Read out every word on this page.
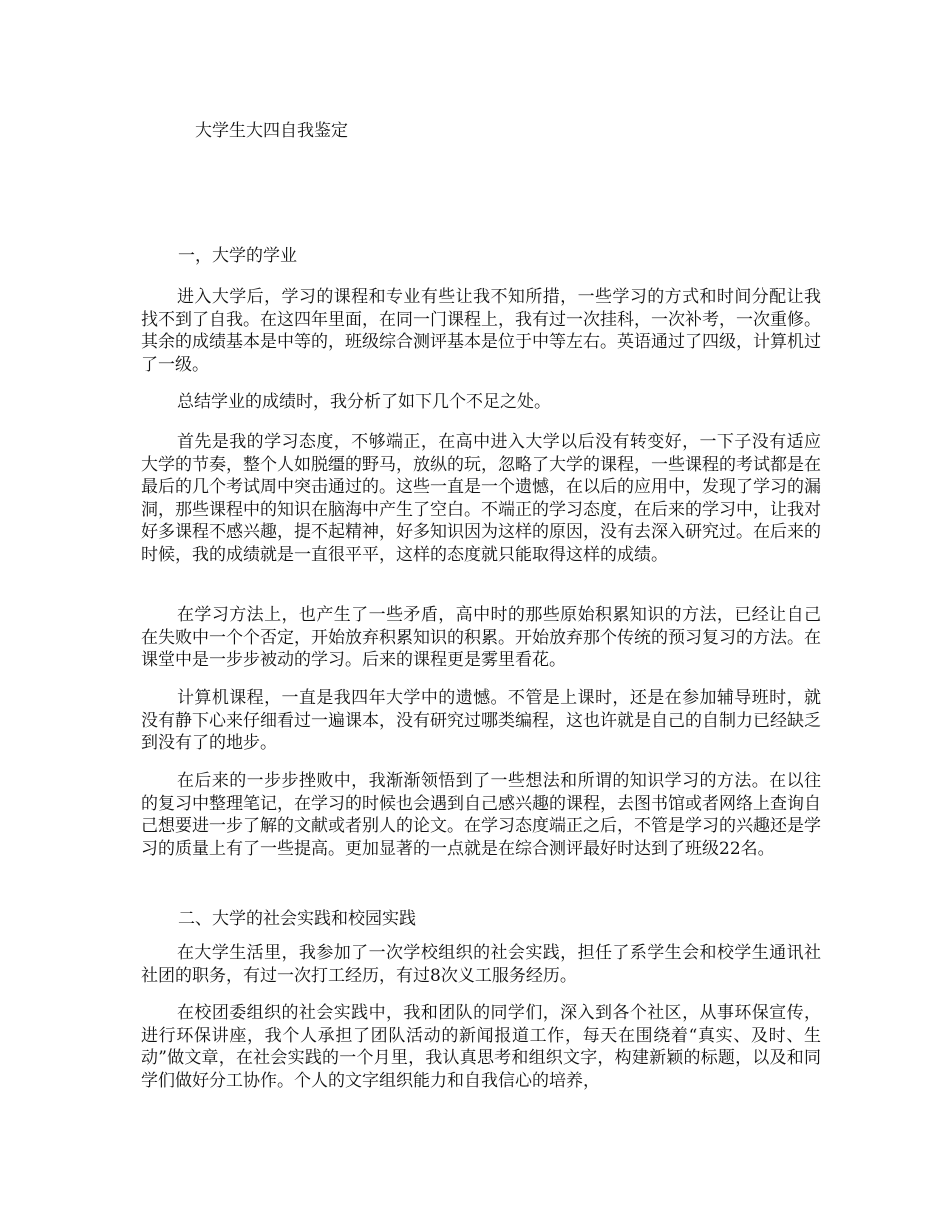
大学生大四自我鉴定
一，大学的学业

进入大学后，学习的课程和专业有些让我不知所措，一些学习的方式和时间分配让我找不到了自我。在这四年里面，在同一门课程上，我有过一次挂科，一次补考，一次重修。其余的成绩基本是中等的，班级综合测评基本是位于中等左右。英语通过了四级，计算机过了一级。

总结学业的成绩时，我分析了如下几个不足之处。

首先是我的学习态度，不够端正，在高中进入大学以后没有转变好，一下子没有适应大学的节奏，整个人如脱缰的野马，放纵的玩，忽略了大学的课程，一些课程的考试都是在最后的几个考试周中突击通过的。这些一直是一个遗憾，在以后的应用中，发现了学习的漏洞，那些课程中的知识在脑海中产生了空白。不端正的学习态度，在后来的学习中，让我对好多课程不感兴趣，提不起精神，好多知识因为这样的原因，没有去深入研究过。在后来的时候，我的成绩就是一直很平平，这样的态度就只能取得这样的成绩。

在学习方法上，也产生了一些矛盾，高中时的那些原始积累知识的方法，已经让自己在失败中一个个否定，开始放弃积累知识的积累。开始放弃那个传统的预习复习的方法。在课堂中是一步步被动的学习。后来的课程更是雾里看花。

计算机课程，一直是我四年大学中的遗憾。不管是上课时，还是在参加辅导班时，就没有静下心来仔细看过一遍课本，没有研究过哪类编程，这也许就是自己的自制力已经缺乏到没有了的地步。

在后来的一步步挫败中，我渐渐领悟到了一些想法和所谓的知识学习的方法。在以往的复习中整理笔记，在学习的时候也会遇到自己感兴趣的课程，去图书馆或者网络上查询自己想要进一步了解的文献或者别人的论文。在学习态度端正之后，不管是学习的兴趣还是学习的质量上有了一些提高。更加显著的一点就是在综合测评最好时达到了班级22名。

二、大学的社会实践和校园实践

在大学生活里，我参加了一次学校组织的社会实践，担任了系学生会和校学生通讯社社团的职务，有过一次打工经历，有过8次义工服务经历。

在校团委组织的社会实践中，我和团队的同学们，深入到各个社区，从事环保宣传，进行环保讲座，我个人承担了团队活动的新闻报道工作，每天在围绕着“真实、及时、生动”做文章，在社会实践的一个月里，我认真思考和组织文字，构建新颖的标题，以及和同学们做好分工协作。个人的文字组织能力和自我信心的培养，
